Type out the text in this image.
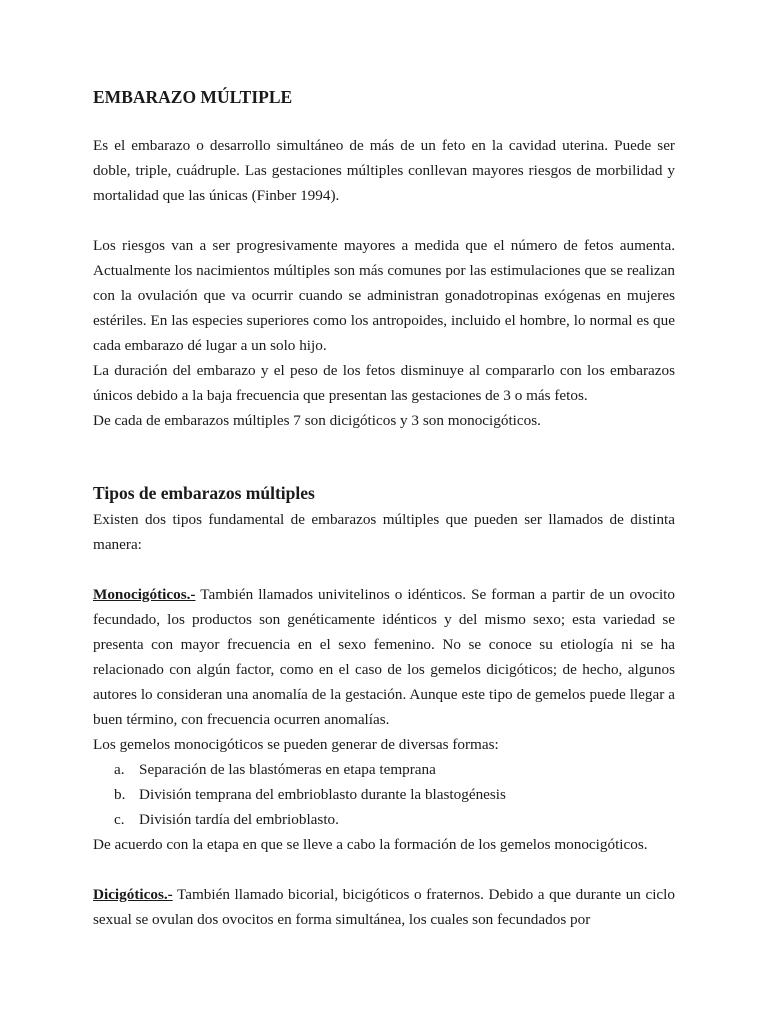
EMBARAZO MÚLTIPLE

Es el embarazo o desarrollo simultáneo de más de un feto en la cavidad uterina. Puede ser doble, triple, cuádruple. Las gestaciones múltiples conllevan mayores riesgos de morbilidad y mortalidad que las únicas (Finber 1994).

Los riesgos van a ser progresivamente mayores a medida que el número de fetos aumenta. Actualmente los nacimientos múltiples son más comunes por las estimulaciones que se realizan con la ovulación que va ocurrir cuando se administran gonadotropinas exógenas en mujeres estériles. En las especies superiores como los antropoides, incluido el hombre, lo normal es que cada embarazo dé lugar a un solo hijo.

La duración del embarazo y el peso de los fetos disminuye al compararlo con los embarazos únicos debido a la baja frecuencia que presentan las gestaciones de 3 o más fetos.

De cada de embarazos múltiples 7 son dicigóticos y 3 son monocigóticos.

Tipos de embarazos múltiples

Existen dos tipos fundamental de embarazos múltiples que pueden ser llamados de distinta manera:

Monocigóticos.- También llamados univitelinos o idénticos. Se forman a partir de un ovocito fecundado, los productos son genéticamente idénticos y del mismo sexo; esta variedad se presenta con mayor frecuencia en el sexo femenino. No se conoce su etiología ni se ha relacionado con algún factor, como en el caso de los gemelos dicigóticos; de hecho, algunos autores lo consideran una anomalía de la gestación. Aunque este tipo de gemelos puede llegar a buen término, con frecuencia ocurren anomalías.

Los gemelos monocigóticos se pueden generar de diversas formas:

a. Separación de las blastómeras en etapa temprana
b. División temprana del embrioblasto durante la blastogénesis
c. División tardía del embrioblasto.

De acuerdo con la etapa en que se lleve a cabo la formación de los gemelos monocigóticos.

Dicigóticos.- También llamado bicorial, bicigóticos o fraternos. Debido a que durante un ciclo sexual se ovulan dos ovocitos en forma simultánea, los cuales son fecundados por
